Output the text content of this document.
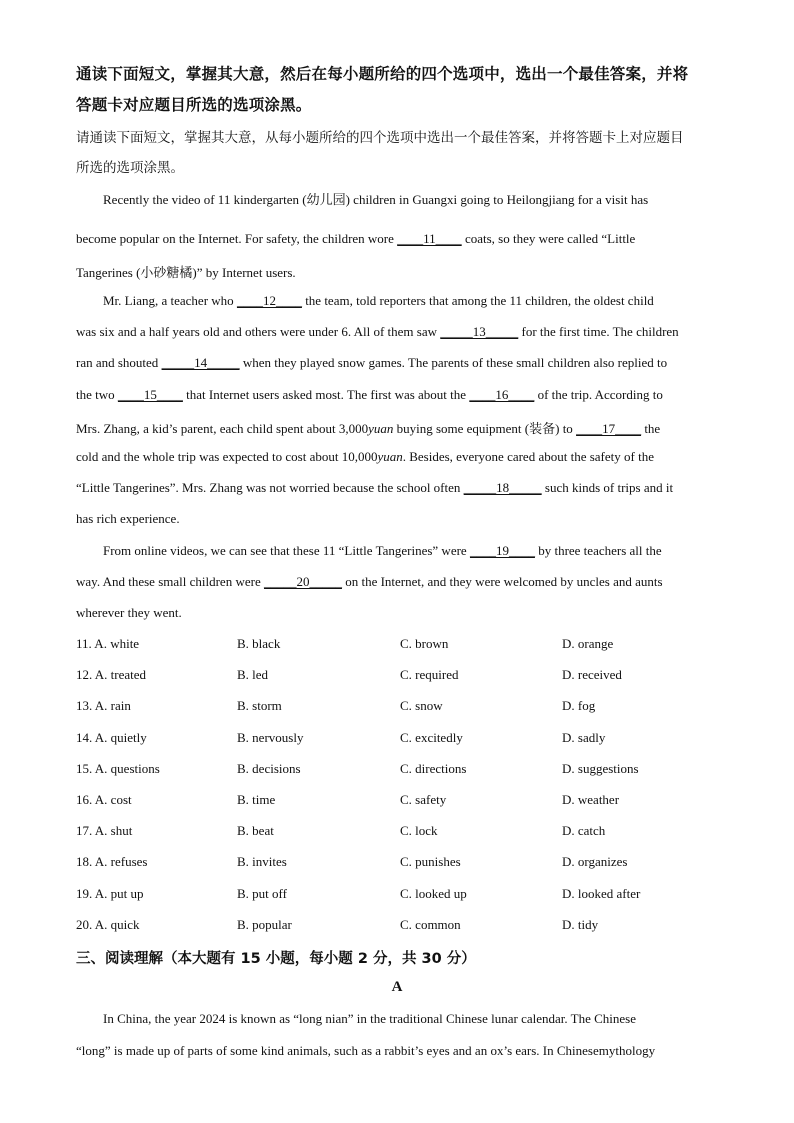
通读下面短文，掌握其大意，然后在每小题所给的四个选项中，选出一个最佳答案，并将
答题卡对应题目所选的选项涂黑。
请通读下面短文，掌握其大意，从每小题所给的四个选项中选出一个最佳答案，并将答题卡上对应题目
所选的选项涂黑。
Recently the video of 11 kindergarten (幼儿园) children in Guangxi going to Heilongjiang for a visit has
become popular on the Internet. For safety, the children wore ____11____ coats, so they were called “Little
Tangerines (小砂糖橘)” by Internet users.
Mr. Liang, a teacher who ____12____ the team, told reporters that among the 11 children, the oldest child
was six and a half years old and others were under 6. All of them saw _____13_____ for the first time. The children
ran and shouted _____14_____ when they played snow games. The parents of these small children also replied to
the two ____15____ that Internet users asked most. The first was about the ____16____ of the trip. According to
Mrs. Zhang, a kid’s parent, each child spent about 3,000yuan buying some equipment (装备) to ____17____ the
cold and the whole trip was expected to cost about 10,000yuan. Besides, everyone cared about the safety of the
“Little Tangerines”. Mrs. Zhang was not worried because the school often _____18_____ such kinds of trips and it
has rich experience.
From online videos, we can see that these 11 “Little Tangerines” were ____19____ by three teachers all the
way. And these small children were _____20_____ on the Internet, and they were welcomed by uncles and aunts
wherever they went.
11. A. white	B. black	C. brown	D. orange
12. A. treated	B. led	C. required	D. received
13. A. rain	B. storm	C. snow	D. fog
14. A. quietly	B. nervously	C. excitedly	D. sadly
15. A. questions	B. decisions	C. directions	D. suggestions
16. A. cost	B. time	C. safety	D. weather
17. A. shut	B. beat	C. lock	D. catch
18. A. refuses	B. invites	C. punishes	D. organizes
19. A. put up	B. put off	C. looked up	D. looked after
20. A. quick	B. popular	C. common	D. tidy
三、阅读理解（本大题有 15 小题，每小题 2 分，共 30 分）
A
In China, the year 2024 is known as “long nian” in the traditional Chinese lunar calendar. The Chinese
“long” is made up of parts of some kind animals, such as a rabbit’s eyes and an ox’s ears. In Chinesemythology
